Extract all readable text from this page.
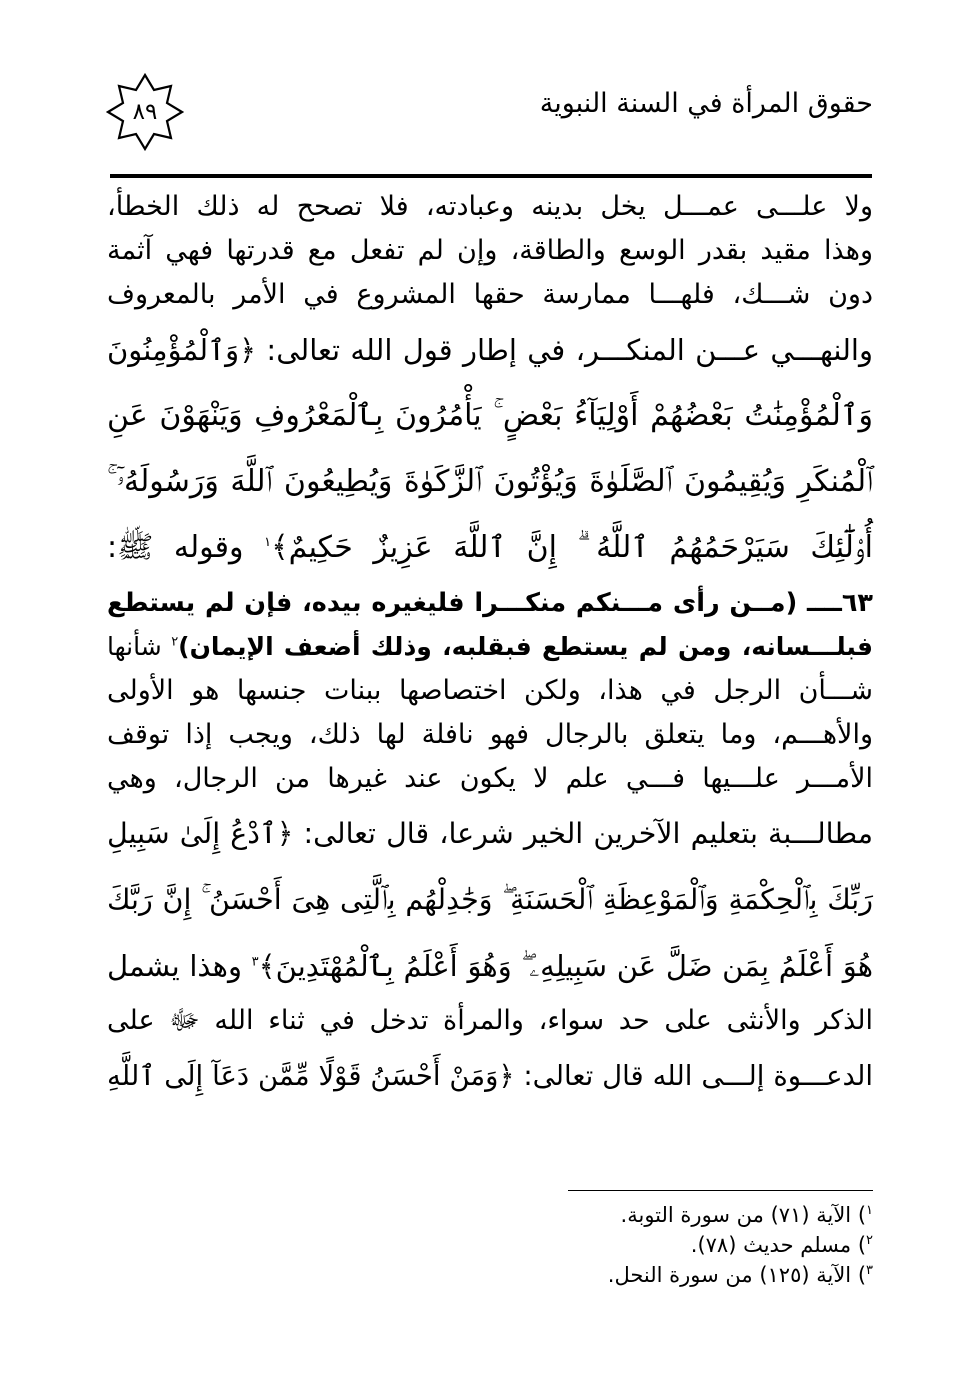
حقوق المرأة في السنة النبوية
٨٩
ولا علـــى عمـــل يخل بدينه وعبادته، فلا تصحح له ذلك الخطأ،
وهذا مقيد بقدر الوسع والطاقة، وإن لم تفعل مع قدرتها فهي آثمة
دون شـــك، فلهـــا ممارسة حقها المشروع في الأمر بالمعروف
والنهـــي عـــن المنكـــر، في إطار قول الله تعالى: ﴿وَٱلْمُؤْمِنُونَ
وَٱلْمُؤْمِنَٰتُ بَعْضُهُمْ أَوْلِيَآءُ بَعْضٍ ۚ يَأْمُرُونَ بِٱلْمَعْرُوفِ وَيَنْهَوْنَ عَنِ
ٱلْمُنكَرِ وَيُقِيمُونَ ٱلصَّلَوٰةَ وَيُؤْتُونَ ٱلزَّكَوٰةَ وَيُطِيعُونَ ٱللَّهَ وَرَسُولَهُۥٓ ۚ
أُو۟لَٰٓئِكَ سَيَرْحَمُهُمُ ٱللَّهُ ۗ إِنَّ ٱللَّهَ عَزِيزٌ حَكِيمٌ﴾$^١$ وقوله ﷺ:
٦٣ــــ (مــن رأى مـــنكم منكـــرا فليغيره بيده، فإن لم يستطع
فبلـــسانه، ومن لم يستطع فبقلبه، وذلك أضعف الإيمان)$^٢$ شأنها
شـــأن الرجل في هذا، ولكن اختصاصها ببنات جنسها هو الأولى
والأهـــم، وما يتعلق بالرجال فهو نافلة لها ذلك، ويجب إذا توقف
الأمـــر علـــيها فـــي علم لا يكون عند غيرها من الرجال، وهي
مطالـــبة بتعليم الآخرين الخير شرعا، قال تعالى: ﴿ٱدْعُ إِلَىٰ سَبِيلِ
رَبِّكَ بِٱلْحِكْمَةِ وَٱلْمَوْعِظَةِ ٱلْحَسَنَةِ ۖ وَجَٰدِلْهُم بِٱلَّتِى هِىَ أَحْسَنُ ۚ إِنَّ رَبَّكَ
هُوَ أَعْلَمُ بِمَن ضَلَّ عَن سَبِيلِهِۦ ۖ وَهُوَ أَعْلَمُ بِٱلْمُهْتَدِينَ﴾$^٣$ وهذا يشمل
الذكر والأنثى على حد سواء، والمرأة تدخل في ثناء الله ﷻ على
الدعـــوة إلـــى الله قال تعالى: ﴿وَمَنْ أَحْسَنُ قَوْلًا مِّمَّن دَعَآ إِلَى ٱللَّهِ
$^١$) الآية (٧١) من سورة التوبة.
$^٢$) مسلم حديث (٧٨).
$^٣$) الآية (١٢٥) من سورة النحل.
